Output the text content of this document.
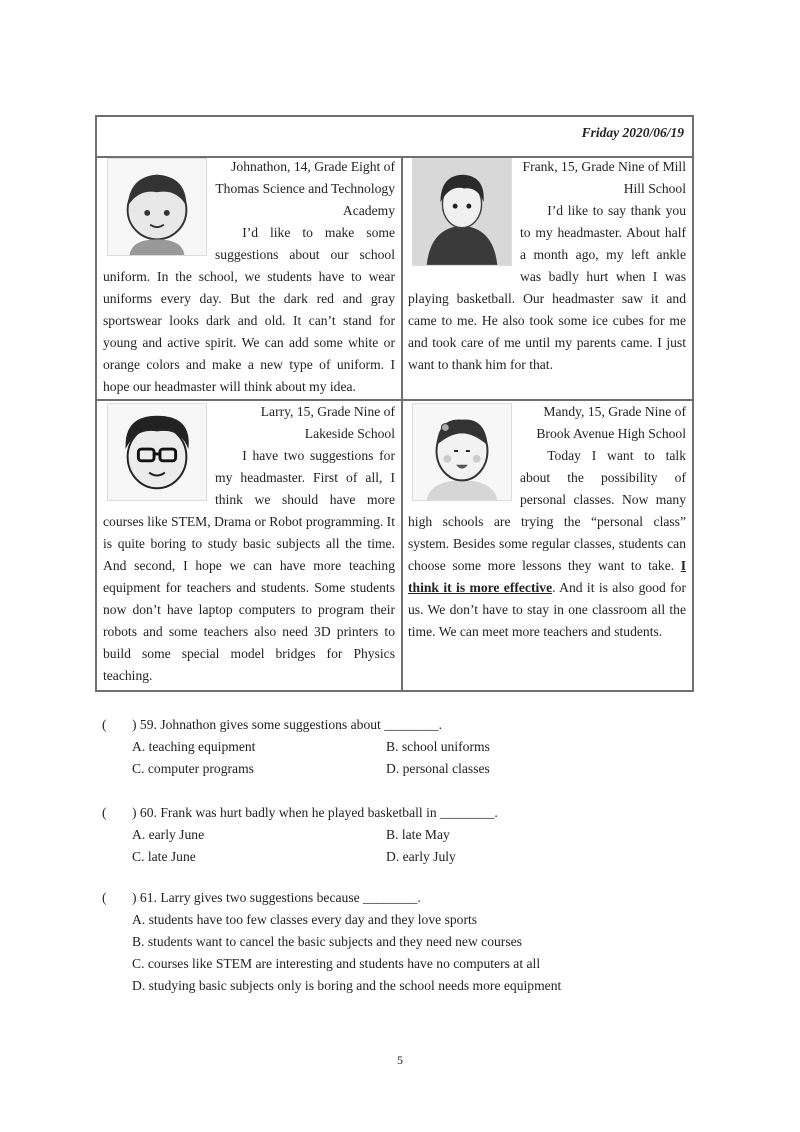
Friday 2020/06/19
Johnathon, 14, Grade Eight of Thomas Science and Technology Academy
I’d like to make some suggestions about our school uniform. In the school, we students have to wear uniforms every day. But the dark red and gray sportswear looks dark and old. It can’t stand for young and active spirit. We can add some white or orange colors and make a new type of uniform. I hope our headmaster will think about my idea.
Frank, 15, Grade Nine of Mill Hill School
I’d like to say thank you to my headmaster. About half a month ago, my left ankle was badly hurt when I was playing basketball. Our headmaster saw it and came to me. He also took some ice cubes for me and took care of me until my parents came. I just want to thank him for that.
Larry, 15, Grade Nine of Lakeside School
I have two suggestions for my headmaster. First of all, I think we should have more courses like STEM, Drama or Robot programming. It is quite boring to study basic subjects all the time. And second, I hope we can have more teaching equipment for teachers and students. Some students now don’t have laptop computers to program their robots and some teachers also need 3D printers to build some special model bridges for Physics teaching.
Mandy, 15, Grade Nine of Brook Avenue High School
Today I want to talk about the possibility of personal classes. Now many high schools are trying the “personal class” system. Besides some regular classes, students can choose some more lessons they want to take. I think it is more effective. And it is also good for us. We don’t have to stay in one classroom all the time. We can meet more teachers and students.
(	) 59. Johnathon gives some suggestions about ________.
A. teaching equipment	B. school uniforms
C. computer programs	D. personal classes
(	) 60. Frank was hurt badly when he played basketball in ________.
A. early June	B. late May
C. late June	D. early July
(	) 61. Larry gives two suggestions because ________.
A. students have too few classes every day and they love sports
B. students want to cancel the basic subjects and they need new courses
C. courses like STEM are interesting and students have no computers at all
D. studying basic subjects only is boring and the school needs more equipment
5
